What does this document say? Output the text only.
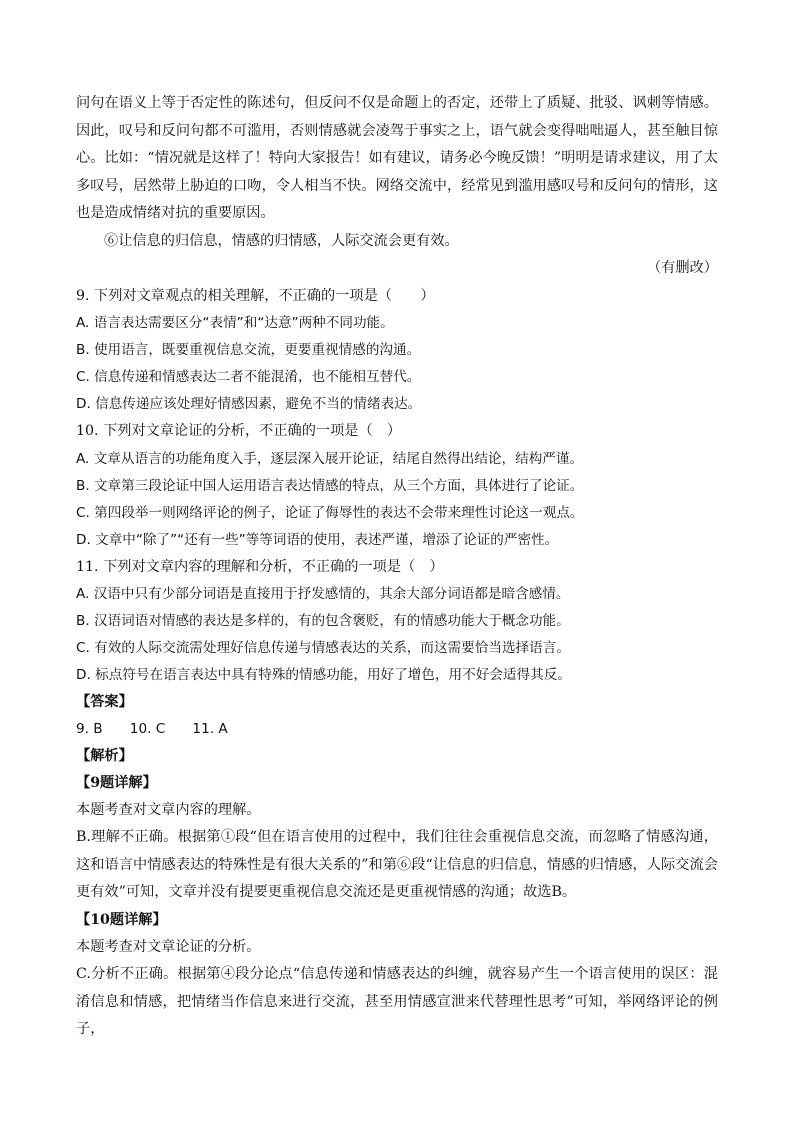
问句在语义上等于否定性的陈述句，但反问不仅是命题上的否定，还带上了质疑、批驳、讽刺等情感。因此，叹号和反问句都不可滥用，否则情感就会凌驾于事实之上，语气就会变得咄咄逼人，甚至触目惊心。比如：“情况就是这样了！特向大家报告！如有建议，请务必今晚反馈！”明明是请求建议，用了太多叹号，居然带上胁迫的口吻，令人相当不快。网络交流中，经常见到滥用感叹号和反问句的情形，这也是造成情绪对抗的重要原因。
⑥让信息的归信息，情感的归情感，人际交流会更有效。
（有删改）
9. 下列对文章观点的相关理解，不正确的一项是（　　）
A. 语言表达需要区分“表情”和“达意”两种不同功能。
B. 使用语言，既要重视信息交流，更要重视情感的沟通。
C. 信息传递和情感表达二者不能混淆，也不能相互替代。
D. 信息传递应该处理好情感因素，避免不当的情绪表达。
10. 下列对文章论证的分析，不正确的一项是（　）
A. 文章从语言的功能角度入手，逐层深入展开论证，结尾自然得出结论，结构严谨。
B. 文章第三段论证中国人运用语言表达情感的特点，从三个方面，具体进行了论证。
C. 第四段举一则网络评论的例子，论证了侮辱性的表达不会带来理性讨论这一观点。
D. 文章中“除了”“还有一些”等等词语的使用，表述严谨，增添了论证的严密性。
11. 下列对文章内容的理解和分析，不正确的一项是（　）
A. 汉语中只有少部分词语是直接用于抒发感情的，其余大部分词语都是暗含感情。
B. 汉语词语对情感的表达是多样的，有的包含褒贬，有的情感功能大于概念功能。
C. 有效的人际交流需处理好信息传递与情感表达的关系，而这需要恰当选择语言。
D. 标点符号在语言表达中具有特殊的情感功能，用好了增色，用不好会适得其反。
【答案】
9. B　　10. C　　11. A
【解析】
【9题详解】
本题考查对文章内容的理解。
B.理解不正确。根据第①段“但在语言使用的过程中，我们往往会重视信息交流，而忽略了情感沟通，这和语言中情感表达的特殊性是有很大关系的”和第⑥段“让信息的归信息，情感的归情感，人际交流会更有效”可知，文章并没有提要更重视信息交流还是更重视情感的沟通；故选B。
【10题详解】
本题考查对文章论证的分析。
C.分析不正确。根据第④段分论点“信息传递和情感表达的纠缠，就容易产生一个语言使用的误区：混淆信息和情感，把情绪当作信息来进行交流，甚至用情感宣泄来代替理性思考”可知，举网络评论的例子，
